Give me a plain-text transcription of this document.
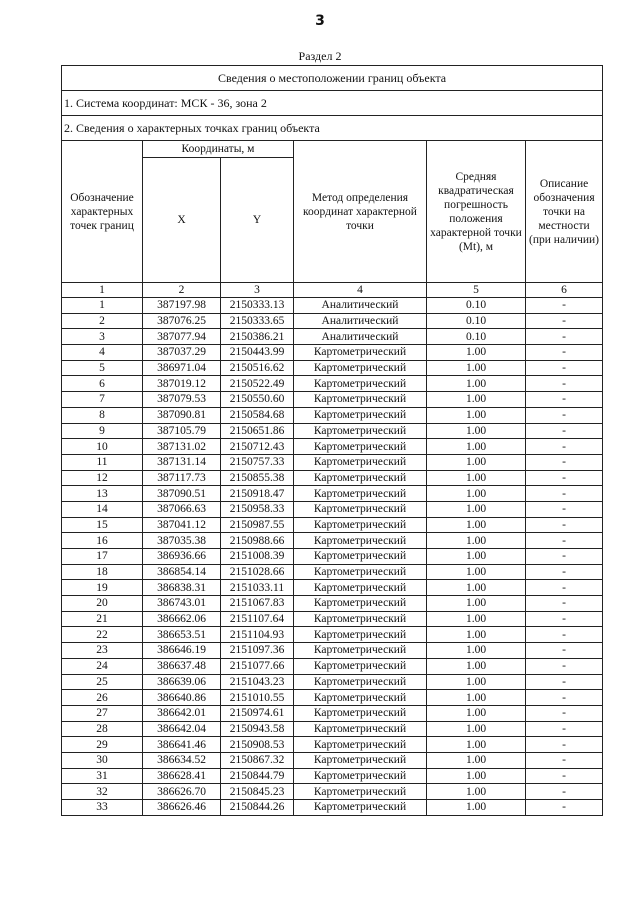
3
Раздел 2
Сведения о местоположении границ объекта					
1. Система координат: МСК - 36, зона 2					
2. Сведения о характерных точках границ объекта					
Обозначение характерных точек границ	Координаты, м		Метод определения координат характерной точки	Средняя квадратическая погрешность положения характерной точки (Mt), м	Описание обозначения точки на местности (при наличии)
	X	Y			
1	2	3	4	5	6
1	387197.98	2150333.13	Аналитический	0.10	-
2	387076.25	2150333.65	Аналитический	0.10	-
3	387077.94	2150386.21	Аналитический	0.10	-
4	387037.29	2150443.99	Картометрический	1.00	-
5	386971.04	2150516.62	Картометрический	1.00	-
6	387019.12	2150522.49	Картометрический	1.00	-
7	387079.53	2150550.60	Картометрический	1.00	-
8	387090.81	2150584.68	Картометрический	1.00	-
9	387105.79	2150651.86	Картометрический	1.00	-
10	387131.02	2150712.43	Картометрический	1.00	-
11	387131.14	2150757.33	Картометрический	1.00	-
12	387117.73	2150855.38	Картометрический	1.00	-
13	387090.51	2150918.47	Картометрический	1.00	-
14	387066.63	2150958.33	Картометрический	1.00	-
15	387041.12	2150987.55	Картометрический	1.00	-
16	387035.38	2150988.66	Картометрический	1.00	-
17	386936.66	2151008.39	Картометрический	1.00	-
18	386854.14	2151028.66	Картометрический	1.00	-
19	386838.31	2151033.11	Картометрический	1.00	-
20	386743.01	2151067.83	Картометрический	1.00	-
21	386662.06	2151107.64	Картометрический	1.00	-
22	386653.51	2151104.93	Картометрический	1.00	-
23	386646.19	2151097.36	Картометрический	1.00	-
24	386637.48	2151077.66	Картометрический	1.00	-
25	386639.06	2151043.23	Картометрический	1.00	-
26	386640.86	2151010.55	Картометрический	1.00	-
27	386642.01	2150974.61	Картометрический	1.00	-
28	386642.04	2150943.58	Картометрический	1.00	-
29	386641.46	2150908.53	Картометрический	1.00	-
30	386634.52	2150867.32	Картометрический	1.00	-
31	386628.41	2150844.79	Картометрический	1.00	-
32	386626.70	2150845.23	Картометрический	1.00	-
33	386626.46	2150844.26	Картометрический	1.00	-
